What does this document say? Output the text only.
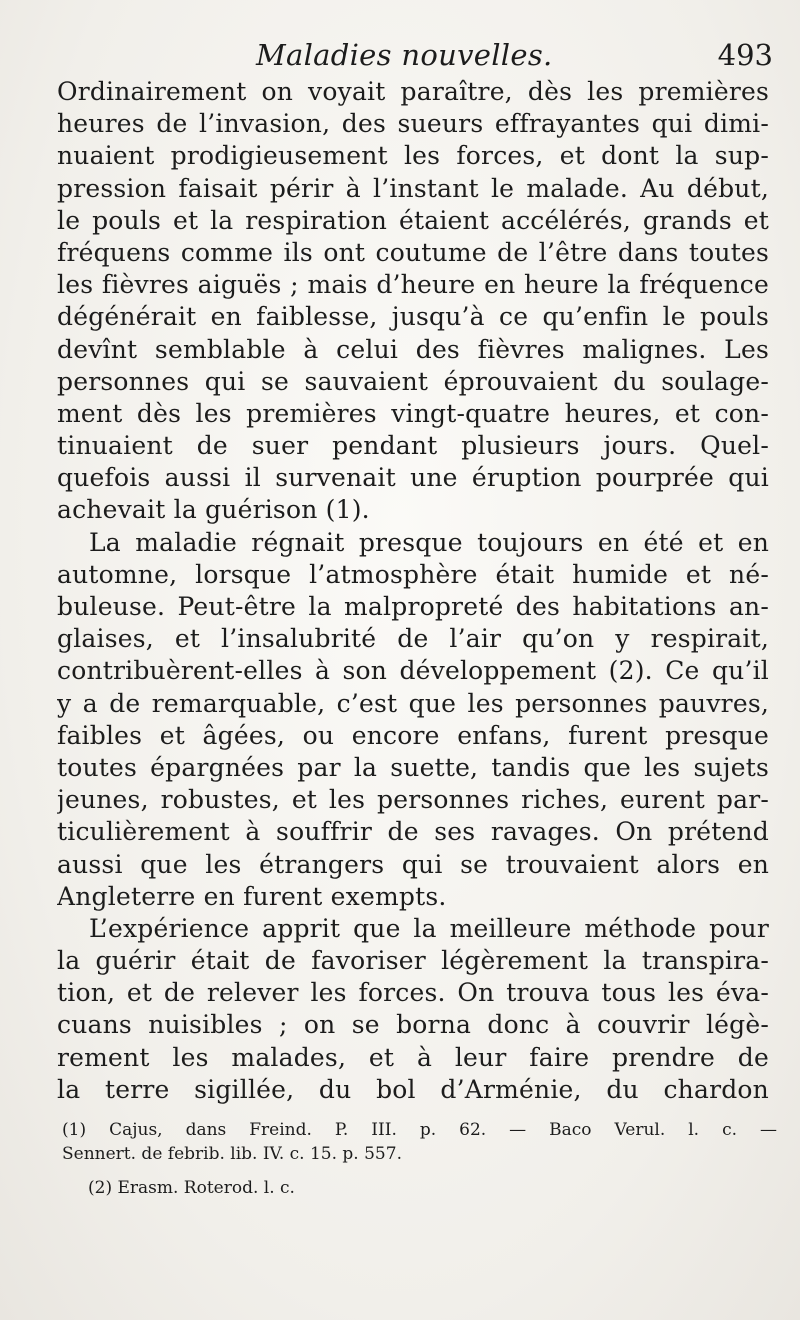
Maladies nouvelles.	493
Ordinairement on voyait paraître, dès les premières
heures de l’invasion, des sueurs effrayantes qui dimi-
nuaient prodigieusement les forces, et dont la sup-
pression faisait périr à l’instant le malade. Au début,
le pouls et la respiration étaient accélérés, grands et
fréquens comme ils ont coutume de l’être dans toutes
les fièvres aiguës ; mais d’heure en heure la fréquence
dégénérait en faiblesse, jusqu’à ce qu’enfin le pouls
devînt semblable à celui des fièvres malignes. Les
personnes qui se sauvaient éprouvaient du soulage-
ment dès les premières vingt-quatre heures, et con-
tinuaient de suer pendant plusieurs jours. Quel-
quefois aussi il survenait une éruption pourprée qui
achevait la guérison (1).
La maladie régnait presque toujours en été et en
automne, lorsque l’atmosphère était humide et né-
buleuse. Peut-être la malpropreté des habitations an-
glaises, et l’insalubrité de l’air qu’on y respirait,
contribuèrent-elles à son développement (2). Ce qu’il
y a de remarquable, c’est que les personnes pauvres,
faibles et âgées, ou encore enfans, furent presque
toutes épargnées par la suette, tandis que les sujets
jeunes, robustes, et les personnes riches, eurent par-
ticulièrement à souffrir de ses ravages. On prétend
aussi que les étrangers qui se trouvaient alors en
Angleterre en furent exempts.
L’expérience apprit que la meilleure méthode pour
la guérir était de favoriser légèrement la transpira-
tion, et de relever les forces. On trouva tous les éva-
cuans nuisibles ; on se borna donc à couvrir légè-
rement les malades, et à leur faire prendre de
la terre sigillée, du bol d’Arménie, du chardon
(1) Cajus, dans Freind. P. III. p. 62. — Baco Verul. l. c. —
Sennert. de febrib. lib. IV. c. 15. p. 557.
(2) Erasm. Roterod. l. c.
